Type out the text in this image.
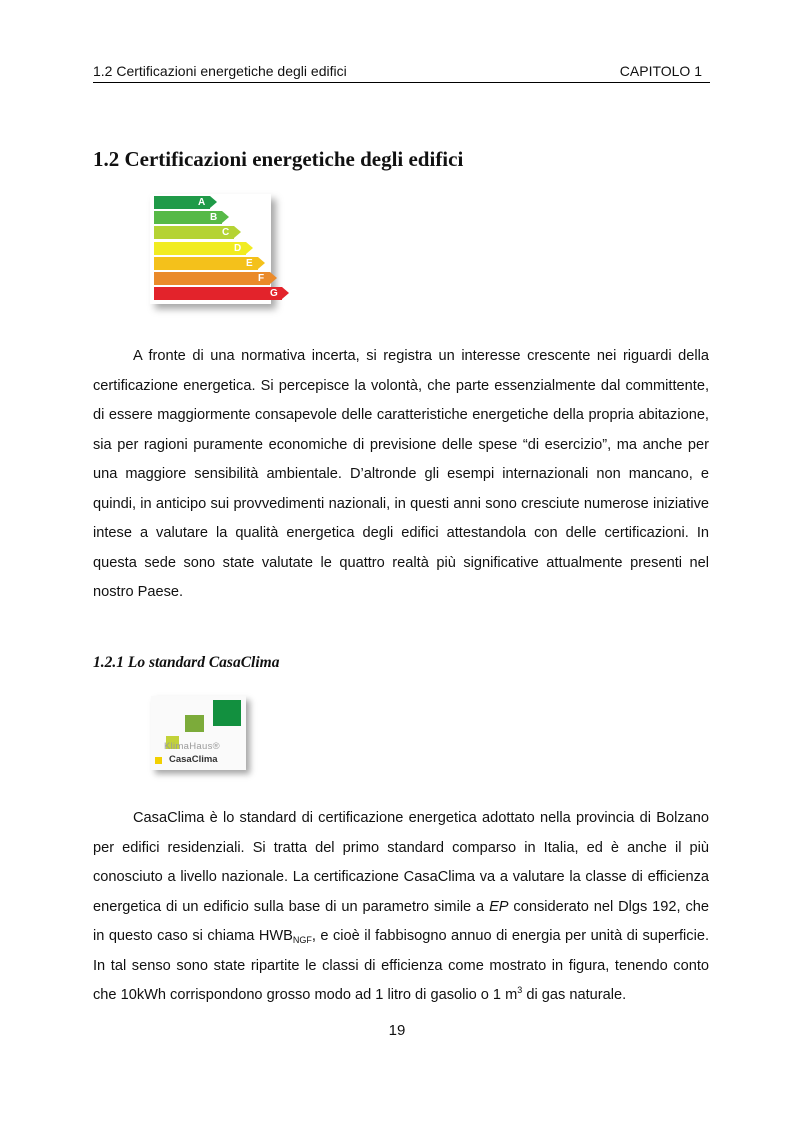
1.2 Certificazioni energetiche degli edifici	CAPITOLO 1
1.2 Certificazioni energetiche degli edifici
A
B
C
D
E
F
G

A fronte di una normativa incerta, si registra un interesse crescente nei riguardi della certificazione energetica. Si percepisce la volontà, che parte essenzialmente dal committente, di essere maggiormente consapevole delle caratteristiche energetiche della propria abitazione, sia per ragioni puramente economiche di previsione delle spese “di esercizio”, ma anche per una maggiore sensibilità ambientale. D’altronde gli esempi internazionali non mancano, e quindi, in anticipo sui provvedimenti nazionali, in questi anni sono cresciute numerose iniziative intese a valutare la qualità energetica degli edifici attestandola con delle certificazioni. In questa sede sono state valutate le quattro realtà più significative attualmente presenti nel nostro Paese.

1.2.1 Lo standard CasaClima
KlimaHaus®
CasaClima

CasaClima è lo standard di certificazione energetica adottato nella provincia di Bolzano per edifici residenziali. Si tratta del primo standard comparso in Italia, ed è anche il più conosciuto a livello nazionale. La certificazione CasaClima va a valutare la classe di efficienza energetica di un edificio sulla base di un parametro simile a EP considerato nel Dlgs 192, che in questo caso si chiama $HWB_{NGF}$, e cioè il fabbisogno annuo di energia per unità di superficie. In tal senso sono state ripartite le classi di efficienza come mostrato in figura, tenendo conto che 10kWh corrispondono grosso modo ad 1 litro di gasolio o 1 $m^3$ di gas naturale.

19
